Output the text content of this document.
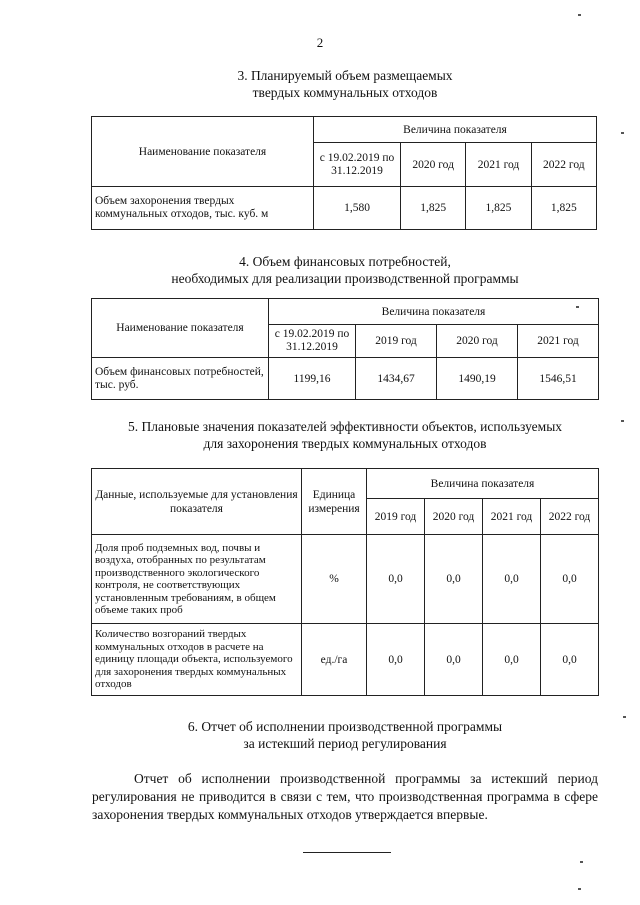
2
3. Планируемый объем размещаемых
твердых коммунальных отходов
Наименование показателя	Величина показателя			
	с 19.02.2019 по 31.12.2019	2020 год	2021 год	2022 год
Объем захоронения твердых коммунальных отходов, тыс. куб. м	1,580	1,825	1,825	1,825
4. Объем финансовых потребностей,
необходимых для реализации производственной программы
Наименование показателя	Величина показателя			
	с 19.02.2019 по 31.12.2019	2019 год	2020 год	2021 год
Объем финансовых потребностей, тыс. руб.	1199,16	1434,67	1490,19	1546,51
5. Плановые значения показателей эффективности объектов, используемых
для захоронения твердых коммунальных отходов
Данные, используемые для установления показателя	Единица измерения	Величина показателя			
		2019 год	2020 год	2021 год	2022 год
Доля проб подземных вод, почвы и воздуха, отобранных по результатам производственного экологического контроля, не соответствующих установленным требованиям, в общем объеме таких проб	%	0,0	0,0	0,0	0,0
Количество возгораний твердых коммунальных отходов в расчете на единицу площади объекта, используемого для захоронения твердых коммунальных отходов	ед./га	0,0	0,0	0,0	0,0
6. Отчет об исполнении производственной программы
за истекший период регулирования

Отчет об исполнении производственной программы за истекший период регулирования не приводится в связи с тем, что производственная программа в сфере захоронения твердых коммунальных отходов утверждается впервые.
